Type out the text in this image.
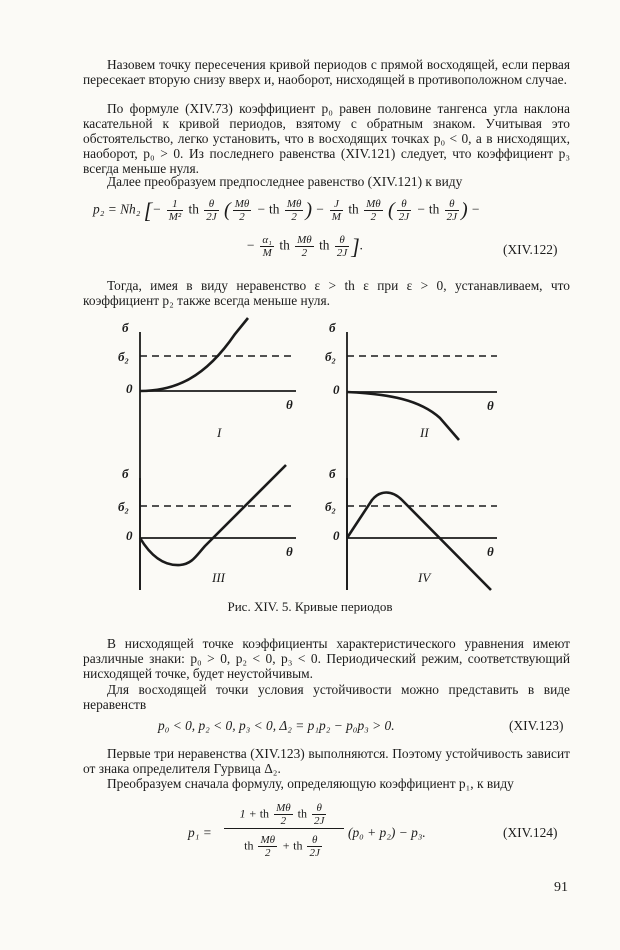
Назовем точку пересечения кривой периодов с прямой восходящей, если первая пересекает вторую снизу вверх и, наоборот, нисходящей в противоположном случае.

По формуле (XIV.73) коэффициент p₀ равен половине тангенса угла наклона касательной к кривой периодов, взятому с обратным знаком. Учитывая это обстоятельство, легко установить, что в восходящих точках p₀ < 0, а в нисходящих, наоборот, p₀ > 0. Из последнего равенства (XIV.121) следует, что коэффициент p₃ всегда меньше нуля.

Далее преобразуем предпоследнее равенство (XIV.121) к виду

p₂ = Nh₂ [− $\frac{1}{\text{M²}}$ th $\frac{\theta}{2J}$ ( $\frac{M\theta}{2}$ − th $\frac{M\theta}{2}$ ) − $\frac{J}{M}$ th $\frac{M\theta}{2}$ ( $\frac{\theta}{2J}$ − th $\frac{\theta}{2J}$ ) −
− $\frac{\text{α₁}}{M}$ th $\frac{M\theta}{2}$ th $\frac{\theta}{2J}$ ].	(XIV.122)

Тогда, имея в виду неравенство ε > th ε при ε > 0, устанавливаем, что коэффициент p₂ также всегда меньше нуля.

б
б₂
0
θ
I
б
б₂
0
θ
II
б
б₂
0
θ
III
б
б₂
0
θ
IV
Рис. XIV. 5. Кривые периодов

В нисходящей точке коэффициенты характеристического уравнения имеют различные знаки: p₀ > 0, p₂ < 0, p₃ < 0. Периодический режим, соответствующий нисходящей точке, будет неустойчивым.

Для восходящей точки условия устойчивости можно представить в виде неравенств

p₀ < 0, p₂ < 0, p₃ < 0, Δ₂ = p₁p₂ − p₀p₃ > 0.	(XIV.123)

Первые три неравенства (XIV.123) выполняются. Поэтому устойчивость зависит от знака определителя Гурвица Δ₂.

Преобразуем сначала формулу, определяющую коэффициент p₁, к виду

p₁ =
1 + th $\frac{M\theta}{2}$ th $\frac{\theta}{2J}$
th $\frac{M\theta}{2}$ + th $\frac{\theta}{2J}$
(p₀ + p₂) − p₃.	(XIV.124)
91
